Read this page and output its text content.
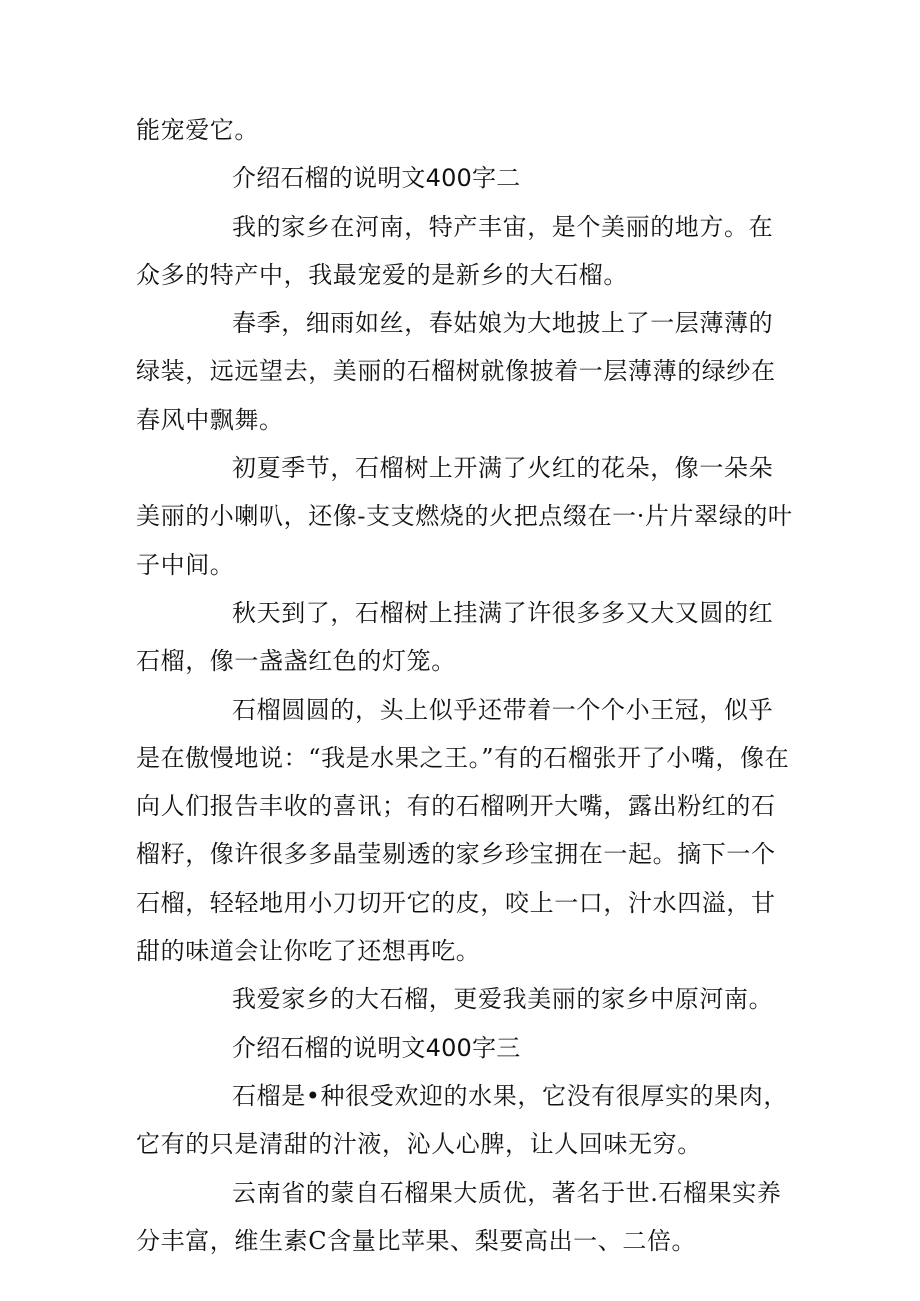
能宠爱它。

介绍石榴的说明文400字二

我的家乡在河南，特产丰宙，是个美丽的地方。在众多的特产中，我最宠爱的是新乡的大石榴。

春季，细雨如丝，春姑娘为大地披上了一层薄薄的绿装，远远望去，美丽的石榴树就像披着一层薄薄的绿纱在春风中飘舞。

初夏季节，石榴树上开满了火红的花朵，像一朵朵美丽的小喇叭，还像-支支燃烧的火把点缀在一·片片翠绿的叶子中间。

秋天到了，石榴树上挂满了许很多多又大又圆的红石榴，像一盏盏红色的灯笼。

石榴圆圆的，头上似乎还带着一个个小王冠，似乎是在傲慢地说：“我是水果之王。”有的石榴张开了小嘴，像在向人们报告丰收的喜讯；有的石榴咧开大嘴，露出粉红的石榴籽，像许很多多晶莹剔透的家乡珍宝拥在一起。摘下一个石榴，轻轻地用小刀切开它的皮，咬上一口，汁水四溢，甘甜的味道会让你吃了还想再吃。

我爱家乡的大石榴，更爱我美丽的家乡中原河南。

介绍石榴的说明文400字三

石榴是•种很受欢迎的水果，它没有很厚实的果肉，它有的只是清甜的汁液，沁人心脾，让人回味无穷。

云南省的蒙自石榴果大质优，著名于世.石榴果实养分丰富，维生素C含量比苹果、梨要高出一、二倍。
